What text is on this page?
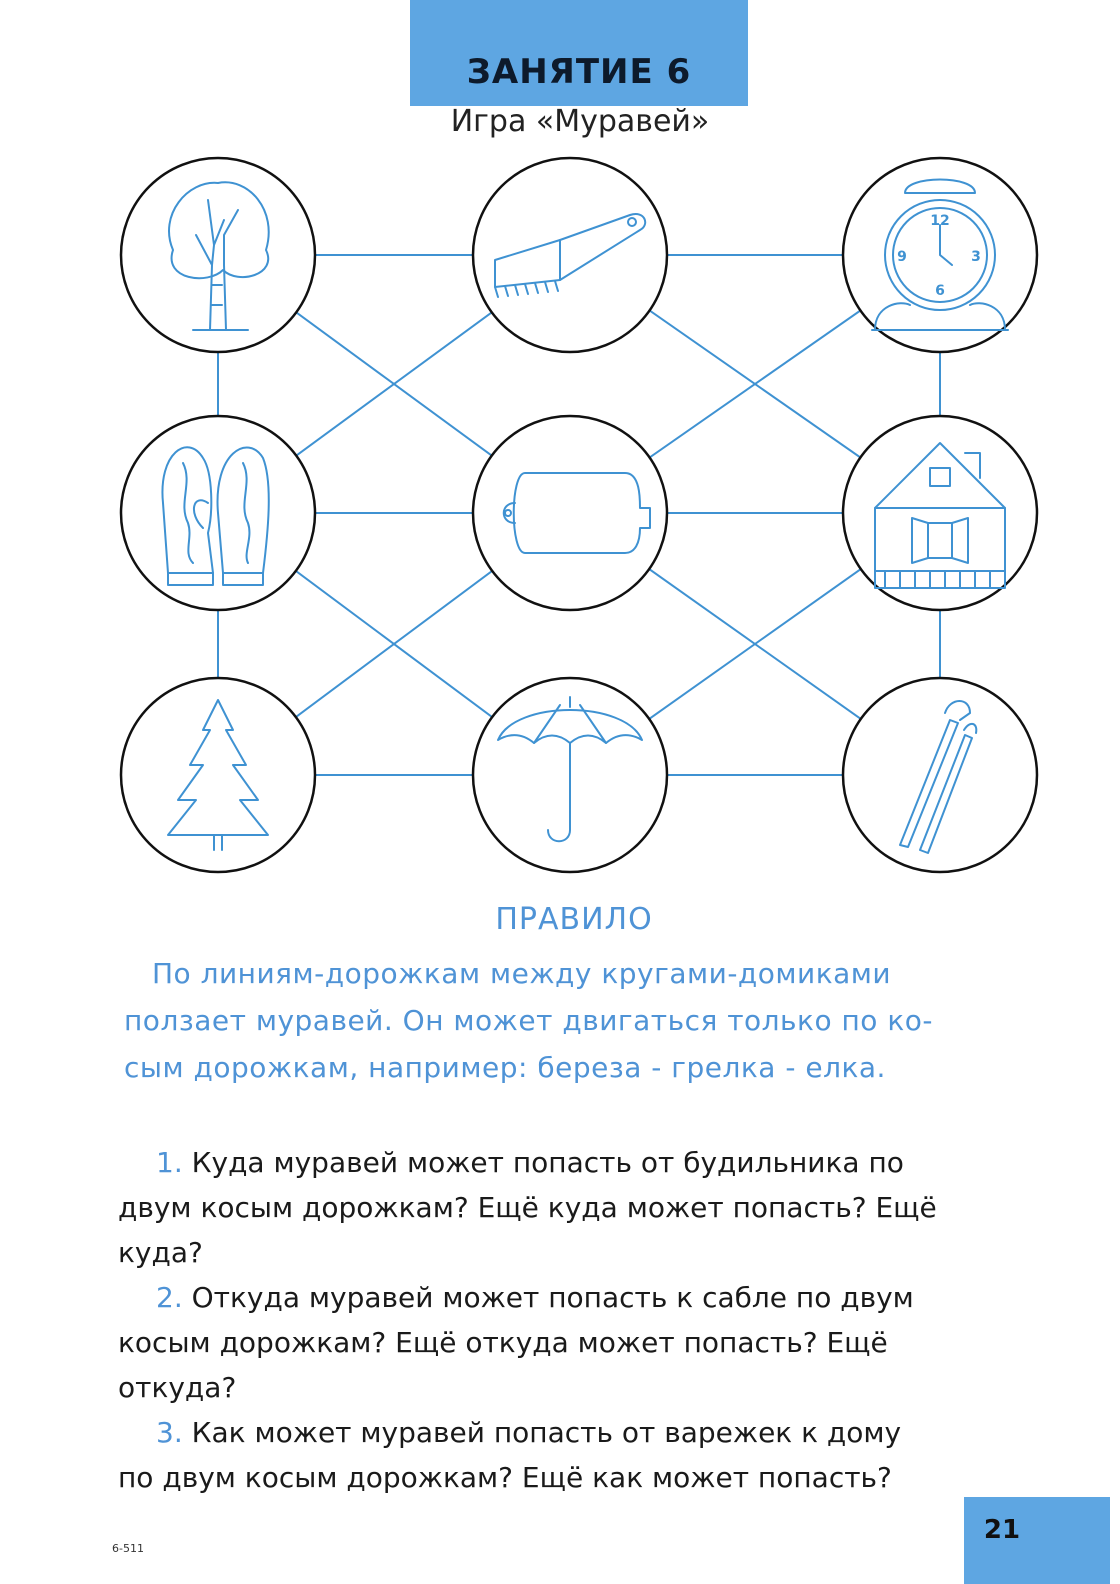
ЗАНЯТИЕ 6
Игра «Муравей»
12
3
6
9
ПРАВИЛО
По линиям-дорожкам между кругами-домиками
ползает муравей. Он может двигаться только по ко-
сым дорожкам, например: береза - грелка - елка.
1. Куда муравей может попасть от будильника по
двум косым дорожкам? Ещё куда может попасть? Ещё
куда?
2. Откуда муравей может попасть к сабле по двум
косым дорожкам? Ещё откуда может попасть? Ещё
откуда?
3. Как может муравей попасть от варежек к дому
по двум косым дорожкам? Ещё как может попасть?
6-511
21
